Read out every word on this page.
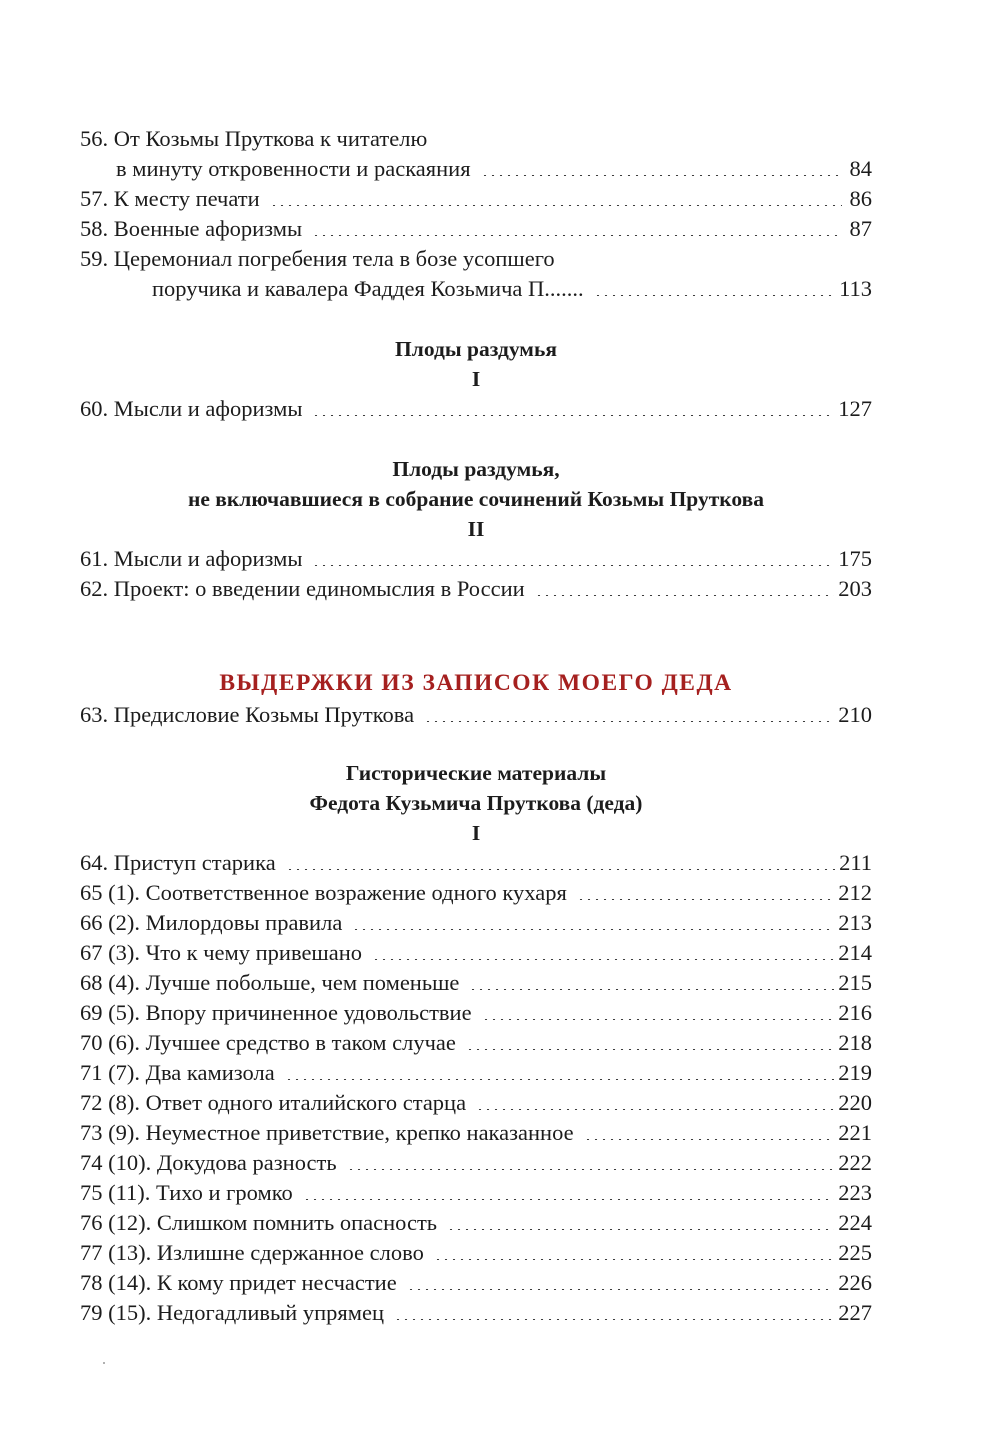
56. От Козьмы Пруткова к читателю
в минуту откровенности и раскаяния	84
57. К месту печати	86
58. Военные афоризмы	87
59. Церемониал погребения тела в бозе усопшего
поручика и кавалера Фаддея Козьмича П.......	113
Плоды раздумья
I
60. Мысли и афоризмы	127
Плоды раздумья,
не включавшиеся в собрание сочинений Козьмы Пруткова
II
61. Мысли и афоризмы	175
62. Проект: о введении единомыслия в России	203
ВЫДЕРЖКИ ИЗ ЗАПИСОК МОЕГО ДЕДА
63. Предисловие Козьмы Пруткова	210
Гисторические материалы
Федота Кузьмича Пруткова (деда)
I
64. Приступ старика	211
65 (1). Соответственное возражение одного кухаря	212
66 (2). Милордовы правила	213
67 (3). Что к чему привешано	214
68 (4). Лучше побольше, чем поменьше	215
69 (5). Впору причиненное удовольствие	216
70 (6). Лучшее средство в таком случае	218
71 (7). Два камизола	219
72 (8). Ответ одного италийского старца	220
73 (9). Неуместное приветствие, крепко наказанное	221
74 (10). Докудова разность	222
75 (11). Тихо и громко	223
76 (12). Слишком помнить опасность	224
77 (13). Излишне сдержанное слово	225
78 (14). К кому придет несчастие	226
79 (15). Недогадливый упрямец	227
